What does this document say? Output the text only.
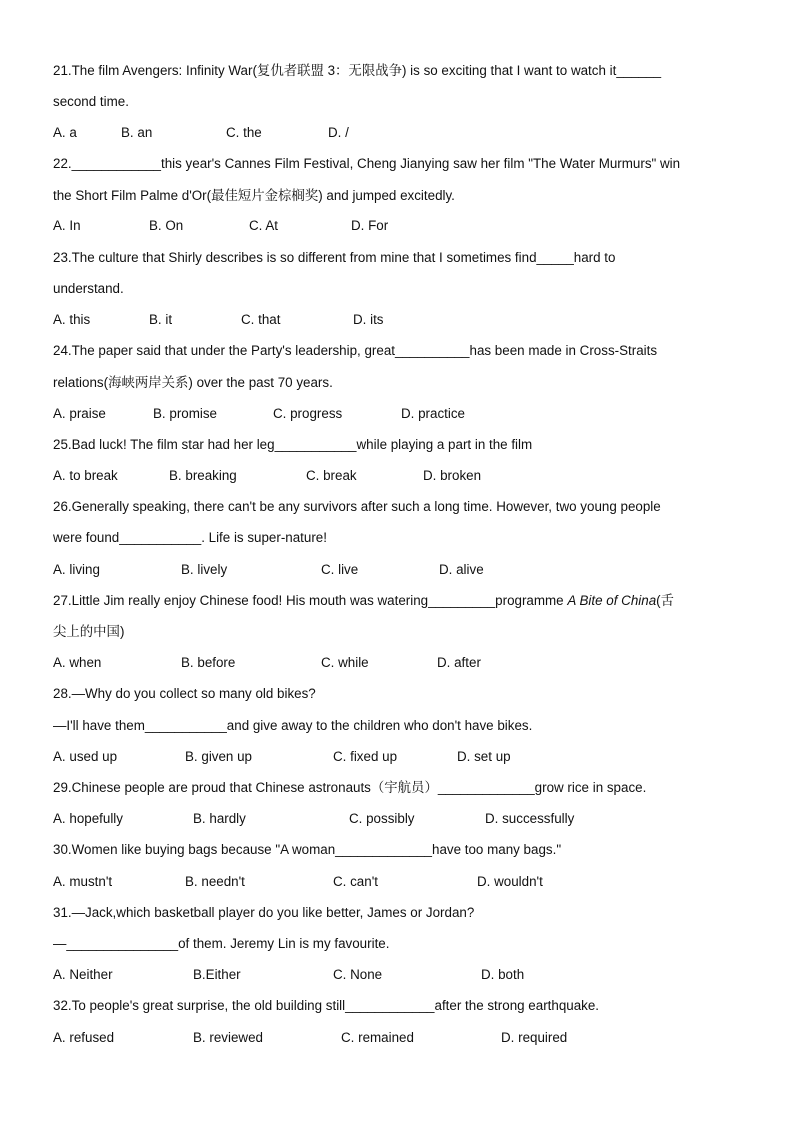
21.The film Avengers: Infinity War(复仇者联盟 3：无限战争) is so exciting that I want to watch it______
second time.
A. a	B. an	C. the	D. /
22.____________this year's Cannes Film Festival, Cheng Jianying saw her film "The Water Murmurs" win
the Short Film Palme d'Or(最佳短片金棕榈奖) and jumped excitedly.
A. In	B. On	C. At	D. For
23.The culture that Shirly describes is so different from mine that I sometimes find_____hard to
understand.
A. this	B. it	C. that	D. its
24.The paper said that under the Party's leadership, great__________has been made in Cross-Straits
relations(海峡两岸关系) over the past 70 years.
A. praise	B. promise	C. progress	D. practice
25.Bad luck! The film star had her leg___________while playing a part in the film
A. to break	B. breaking	C. break	D. broken
26.Generally speaking, there can't be any survivors after such a long time. However, two young people
were found___________. Life is super-nature!
A. living	B. lively	C. live	D. alive
27.Little Jim really enjoy Chinese food! His mouth was watering_________programme A Bite of China(舌
尖上的中国)
A. when	B. before	C. while	D. after
28.—Why do you collect so many old bikes?
—I'll have them___________and give away to the children who don't have bikes.
A. used up	B. given up	C. fixed up	D. set up
29.Chinese people are proud that Chinese astronauts（宇航员）_____________grow rice in space.
A. hopefully	B. hardly	C. possibly	D. successfully
30.Women like buying bags because "A woman_____________have too many bags."
A. mustn't	B. needn't	C. can't	D. wouldn't
31.—Jack,which basketball player do you like better, James or Jordan?
—_______________of them. Jeremy Lin is my favourite.
A. Neither	B.Either	C. None	D. both
32.To people's great surprise, the old building still____________after the strong earthquake.
A. refused	B. reviewed	C. remained	D. required
